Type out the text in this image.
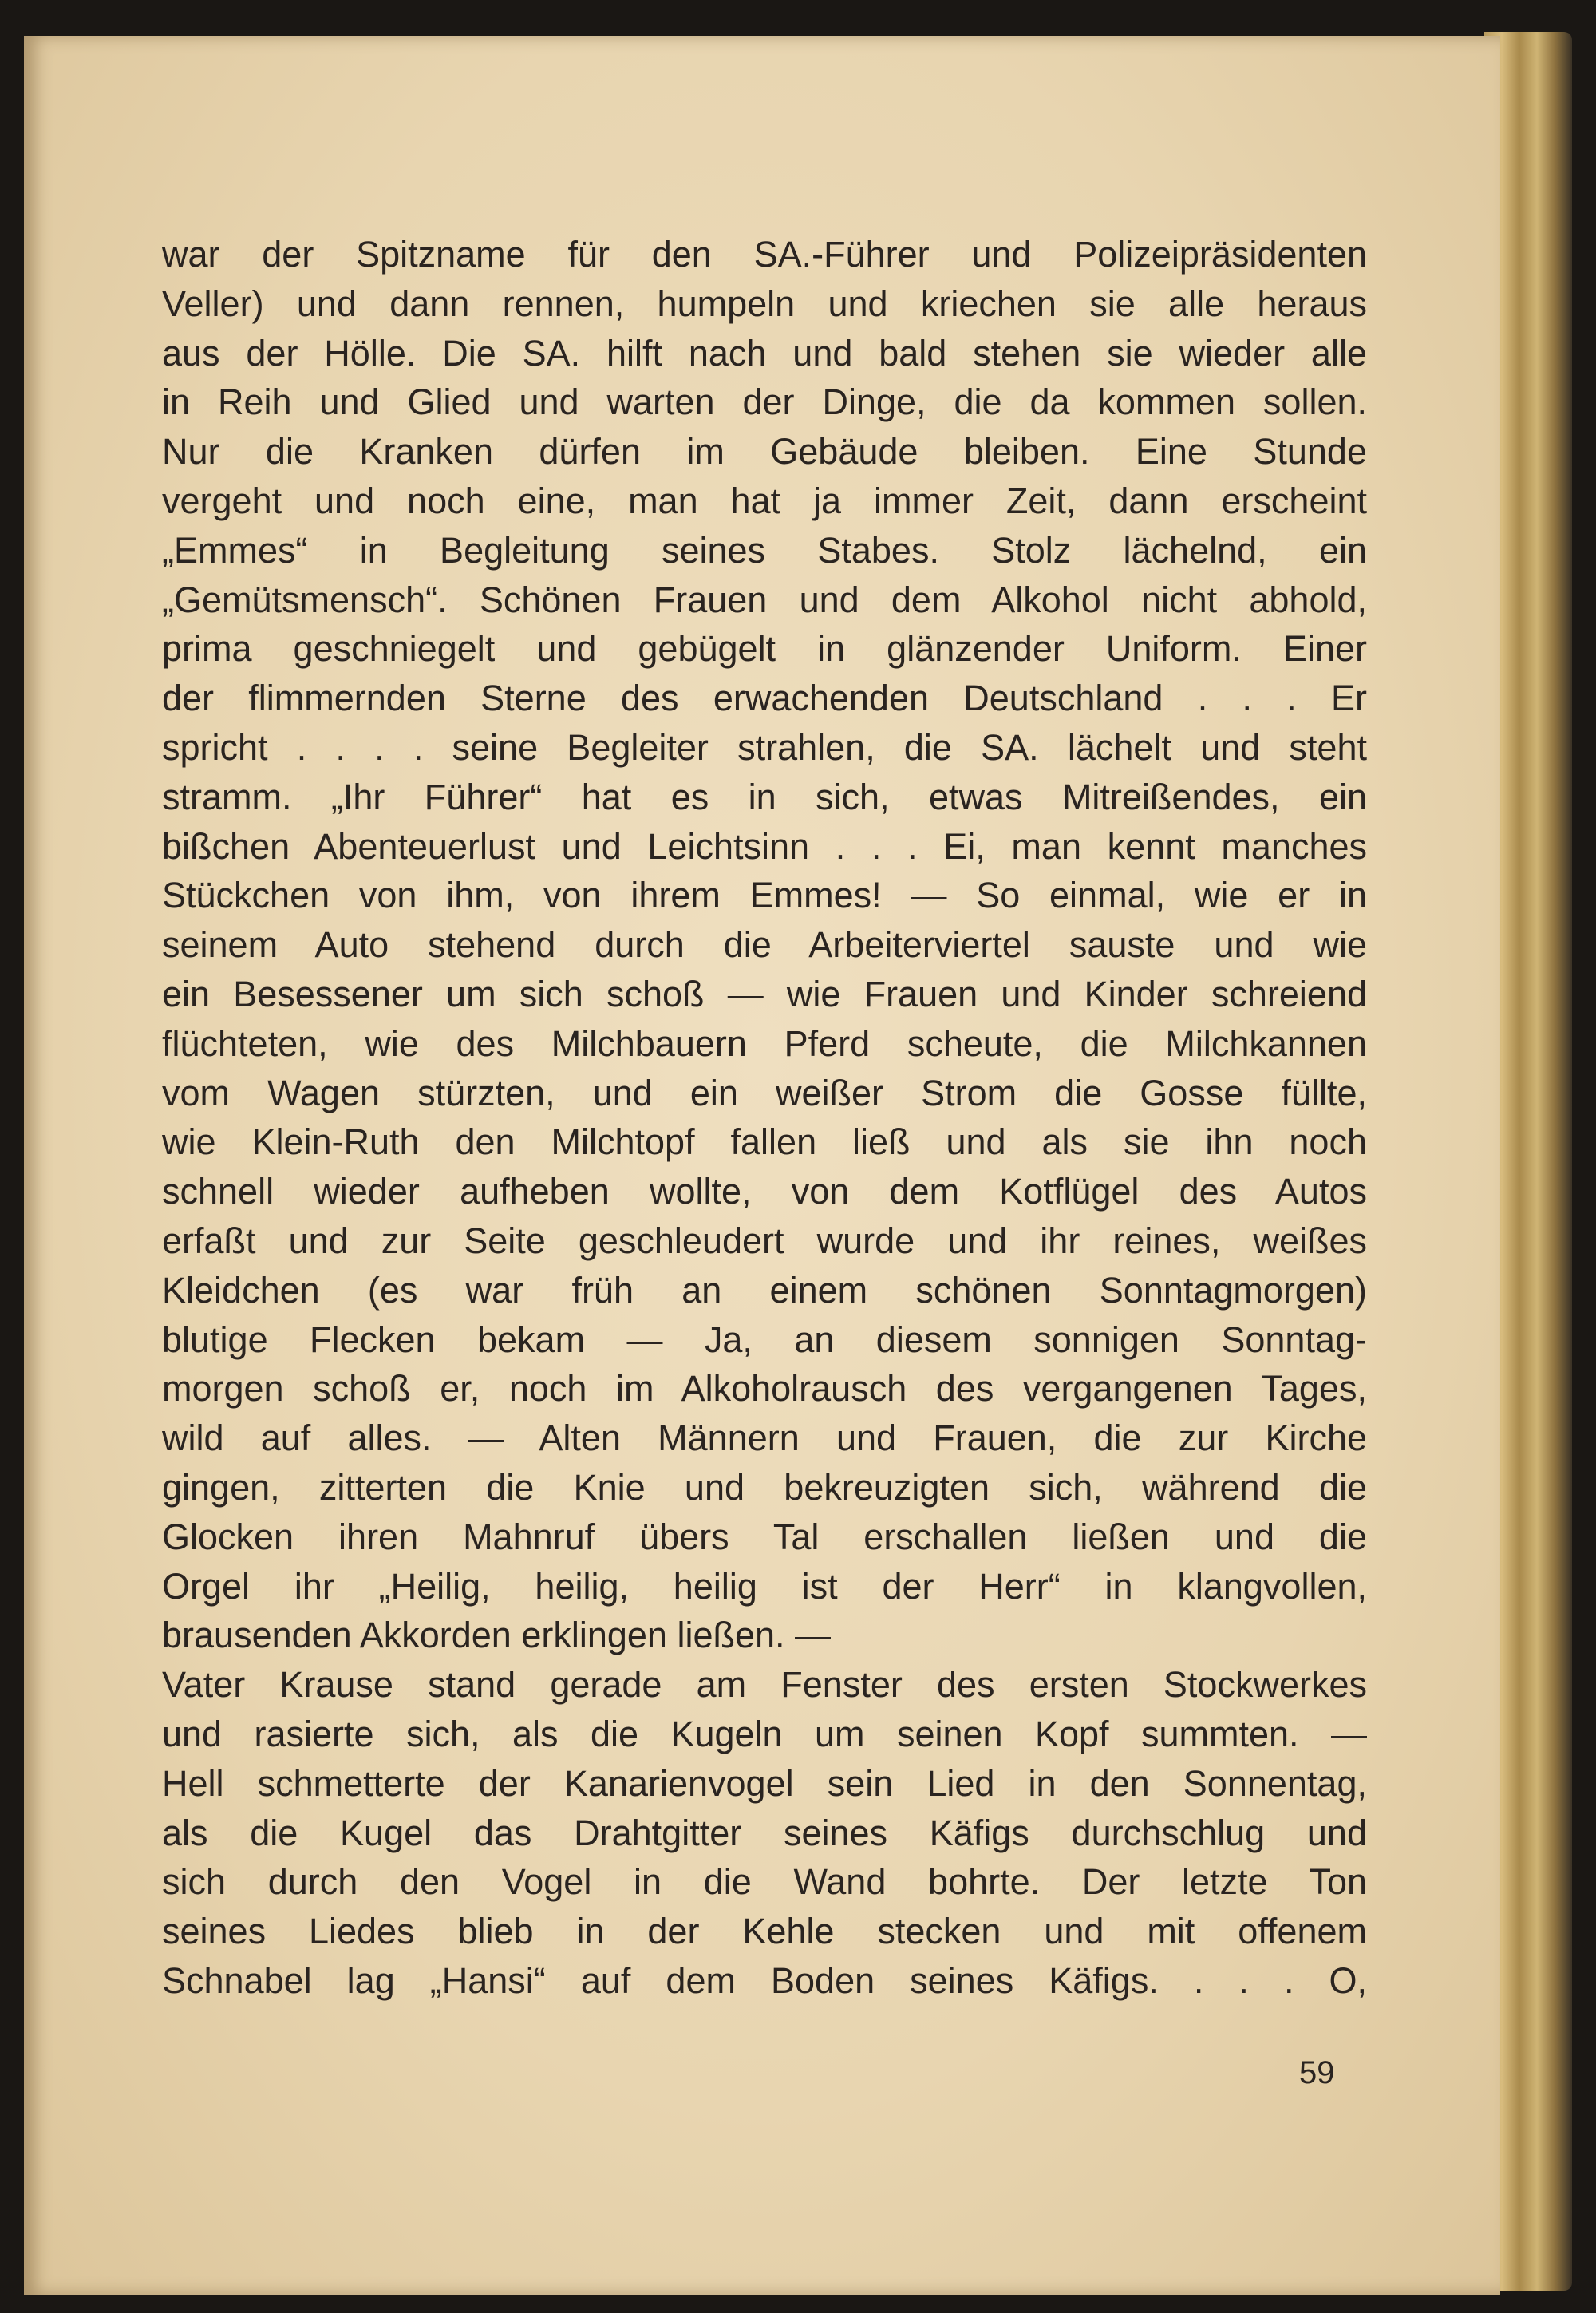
war der Spitzname für den SA.-Führer und Polizeipräsidenten
Veller) und dann rennen, humpeln und kriechen sie alle heraus
aus der Hölle. Die SA. hilft nach und bald stehen sie wieder alle
in Reih und Glied und warten der Dinge, die da kommen sollen.
Nur die Kranken dürfen im Gebäude bleiben. Eine Stunde
vergeht und noch eine, man hat ja immer Zeit, dann erscheint
„Emmes“ in Begleitung seines Stabes. Stolz lächelnd, ein
„Gemütsmensch“. Schönen Frauen und dem Alkohol nicht abhold,
prima geschniegelt und gebügelt in glänzender Uniform. Einer
der flimmernden Sterne des erwachenden Deutschland . . . Er
spricht . . . . seine Begleiter strahlen, die SA. lächelt und steht
stramm. „Ihr Führer“ hat es in sich, etwas Mitreißendes, ein
bißchen Abenteuerlust und Leichtsinn . . . Ei, man kennt manches
Stückchen von ihm, von ihrem Emmes! — So einmal, wie er in
seinem Auto stehend durch die Arbeiterviertel sauste und wie
ein Besessener um sich schoß — wie Frauen und Kinder schreiend
flüchteten, wie des Milchbauern Pferd scheute, die Milchkannen
vom Wagen stürzten, und ein weißer Strom die Gosse füllte,
wie Klein-Ruth den Milchtopf fallen ließ und als sie ihn noch
schnell wieder aufheben wollte, von dem Kotflügel des Autos
erfaßt und zur Seite geschleudert wurde und ihr reines, weißes
Kleidchen (es war früh an einem schönen Sonntagmorgen)
blutige Flecken bekam — Ja, an diesem sonnigen Sonntag-
morgen schoß er, noch im Alkoholrausch des vergangenen Tages,
wild auf alles. — Alten Männern und Frauen, die zur Kirche
gingen, zitterten die Knie und bekreuzigten sich, während die
Glocken ihren Mahnruf übers Tal erschallen ließen und die
Orgel ihr „Heilig, heilig, heilig ist der Herr“ in klangvollen,
brausenden Akkorden erklingen ließen. —
Vater Krause stand gerade am Fenster des ersten Stockwerkes
und rasierte sich, als die Kugeln um seinen Kopf summten. —
Hell schmetterte der Kanarienvogel sein Lied in den Sonnentag,
als die Kugel das Drahtgitter seines Käfigs durchschlug und
sich durch den Vogel in die Wand bohrte. Der letzte Ton
seines Liedes blieb in der Kehle stecken und mit offenem
Schnabel lag „Hansi“ auf dem Boden seines Käfigs. . . . O,
59
